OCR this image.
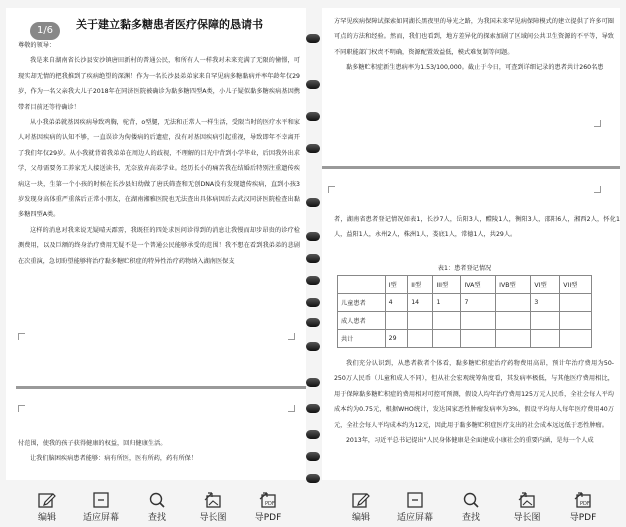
关于建立黏多糖患者医疗保障的恳请书

尊敬的领导：

我是来自湖南省长沙县安沙镇唐田新村的普通公民，和所有人一样我对未来充满了无限的憧憬，可现实却无情的把我推到了疾病绝望的深渊！作为一名长沙县弟弟家来自罕见病多糖黏病并率年龄年仅29岁，作为一名父亲我大儿子2018年在同济医院被确诊为黏多糖四型A类，小儿子疑似黏多糖疾病基因携带者目前还等待确诊！

从小我弟弟就基因疾病导致鸡胸，驼背，o型腿，无法和正常人一样生活，受限当时的医疗水平和家人对基因疾病的认知不够，一直误诊为佝偻病的后遗症，没有对基因疾病引起重视，导致即年不幸离开了我们年仅29岁。从小我就背着我弟弟在周边人的歧视，不理解的目光中背到小学毕业，后因我外出求学，父母需要务工养家无人接送读书，无奈放弃高弟学业。经历长小的痛苦我在结婚后特别注重遗传疾病这一块，生第一个小孩的时候在长沙县妇幼做了唐氏筛查和无创DNA没有发现遗传疾病，直到小孩3岁发现身高体重严重落后正常小朋友，在湖南湘雅医院也无法查出具体病因后去武汉同济医院检查出黏多糖四型A类。

这样的消息对我来说无疑晴天霹雳，我既狂的四处求医问诊得到的消息让我慢而却步昂贵的诊疗检测费用，以及巨额的终身治疗费用无疑不是一个普通公民能够承受的范围！我不想在看到我弟弟的悲剧在次重演，急切盼望能够将治疗黏多糖贮积症的特异性治疗药物纳入湖南医保支

付范围，使我的孩子获得健康的权益，回归健康生活。

让我们脑困疾病患者能够：病有所医，医有所药，药有所保！

1/6

方罕见疾病保障试探索如同湖长黑夜里的导光之路，为我国未来罕见病保障模式的建立提供了许多可圈可点的方法和经验。然而，我们也看到，地方差异化的探索加剧了区域间公共卫生资源的不平等，导致不同职能部门权责不明确，资源配置效益低，模式难复制等问题。

黏多糖贮积症新生患病率为1.53/100,000。截止于今日，可查到详细记录的患者共计260名患

者，湖南省患者登记情况如表1，长沙7人，岳阳3人，醴陵1人，衡阳3人，邵阳6人，湘西2人，怀化1人，益阳1人，永州2人，株洲1人，娄底1人，常德1人，共29人。

表1：患者登记情况
	I型	II型	III型	IVA型	IVB型	VI型	VII型
儿童患者	4	14	1	7		3	
成人患者							
共计	29						

我们充分认识到，从患者救者个体看，黏多糖贮积症治疗药物费用高昂，预计年治疗费用为50-250万人民币（儿童和成人不同），但从社会宏观统筹角度看，其发病率极低，与其他医疗费用相比，用于保障黏多糖贮积症的费用相对可控可预测，假设人均年治疗费用125万元人民币，全社会每人平均成本约为0.75元，根据WHO统计，发达国家恶性肿瘤发病率为3%，假设平均每人每年医疗费用40万元，全社会每人平均成本约为12元，因此用于黏多糖贮积症医疗支出的社会成本远远低于恶性肿瘤。

2013年，习近平总书记提出"人民身体健康是全面建成小康社会的重要内涵，是每一个人成

编辑	适应屏幕	查找	导长图
PDF
导PDF	编辑	适应屏幕	查找	导长图
PDF
导PDF
